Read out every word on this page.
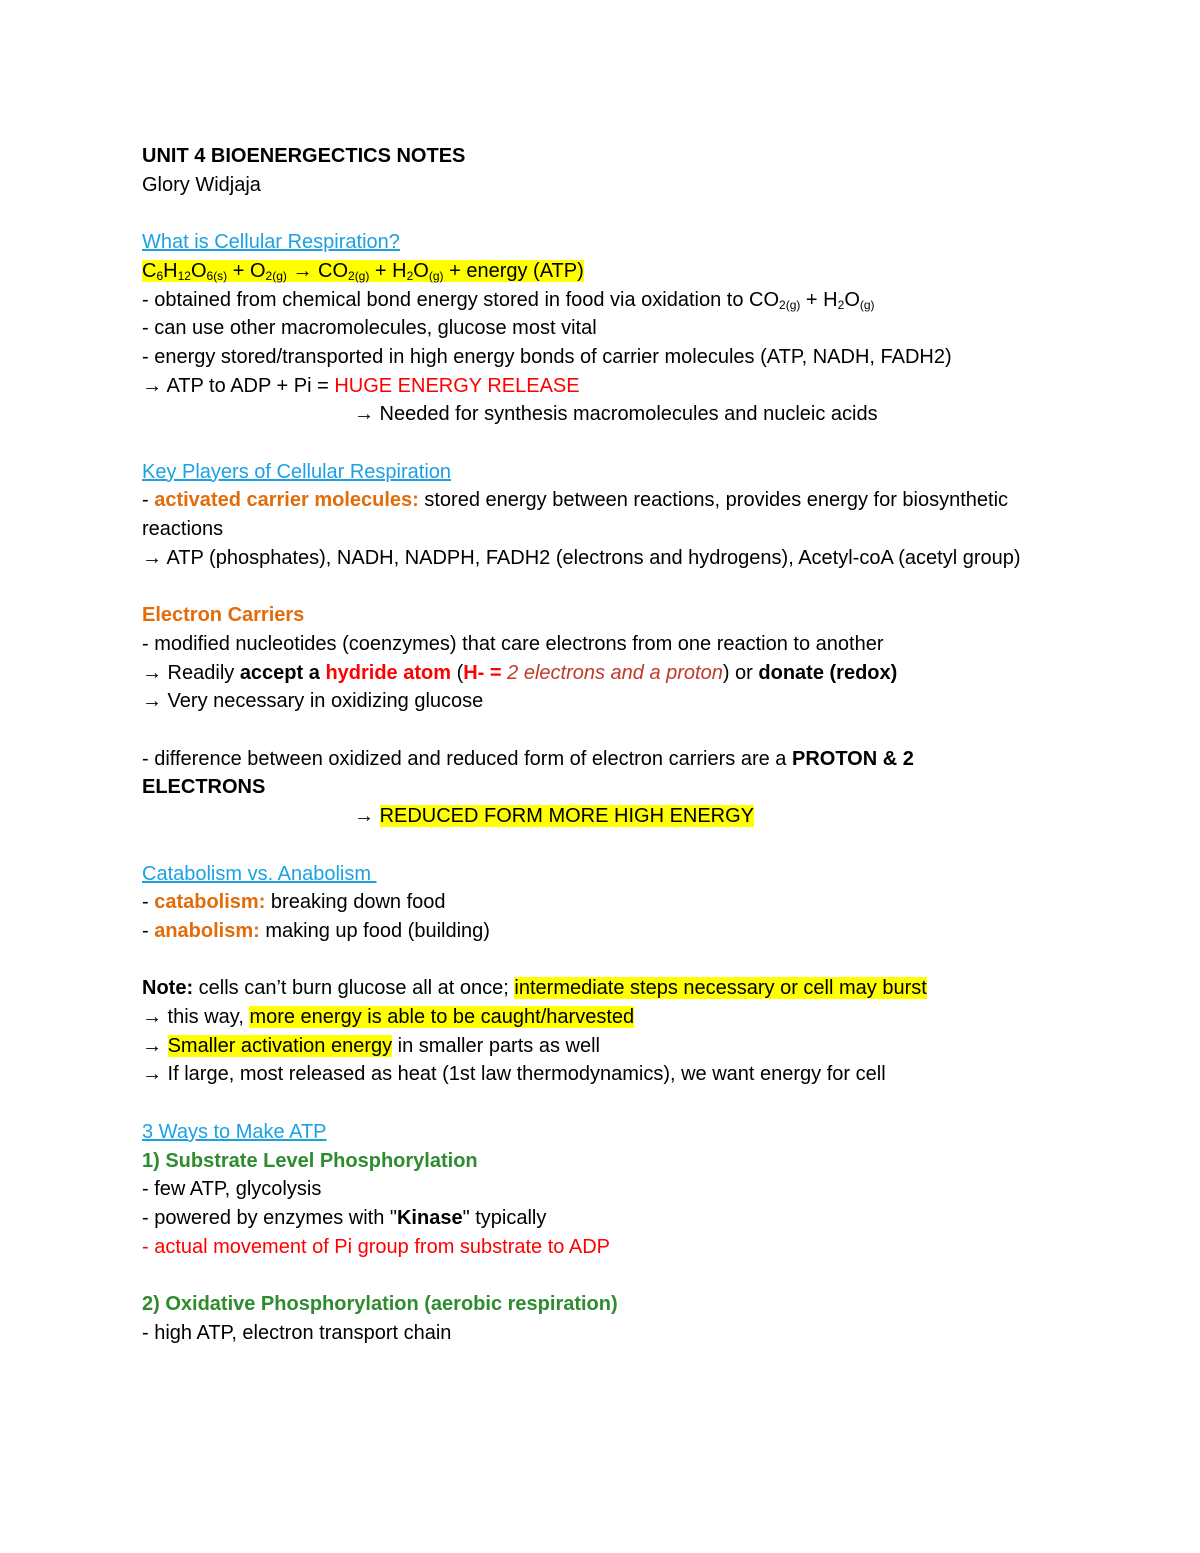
UNIT 4 BIOENERGECTICS NOTES
Glory Widjaja
What is Cellular Respiration?
$C_6H_{12}O_{6(s)} + O_{2(g)} \to CO_{2(g)} + H_2O_{(g)}$ + energy (ATP)
- obtained from chemical bond energy stored in food via oxidation to $CO_{2(g)} + H_2O_{(g)}$
- can use other macromolecules, glucose most vital
- energy stored/transported in high energy bonds of carrier molecules (ATP, NADH, FADH2)
→ ATP to ADP + Pi = HUGE ENERGY RELEASE
→ Needed for synthesis macromolecules and nucleic acids
Key Players of Cellular Respiration
- activated carrier molecules: stored energy between reactions, provides energy for biosynthetic reactions
→ ATP (phosphates), NADH, NADPH, FADH2 (electrons and hydrogens), Acetyl-coA (acetyl group)
Electron Carriers
- modified nucleotides (coenzymes) that care electrons from one reaction to another
→ Readily accept a hydride atom (H- = 2 electrons and a proton) or donate (redox)
→ Very necessary in oxidizing glucose
- difference between oxidized and reduced form of electron carriers are a PROTON & 2 ELECTRONS
→ REDUCED FORM MORE HIGH ENERGY
Catabolism vs. Anabolism
- catabolism: breaking down food
- anabolism: making up food (building)
Note: cells can’t burn glucose all at once; intermediate steps necessary or cell may burst
→ this way, more energy is able to be caught/harvested
→ Smaller activation energy in smaller parts as well
→ If large, most released as heat (1st law thermodynamics), we want energy for cell
3 Ways to Make ATP
1) Substrate Level Phosphorylation
- few ATP, glycolysis
- powered by enzymes with "Kinase" typically
- actual movement of Pi group from substrate to ADP
2) Oxidative Phosphorylation (aerobic respiration)
- high ATP, electron transport chain
